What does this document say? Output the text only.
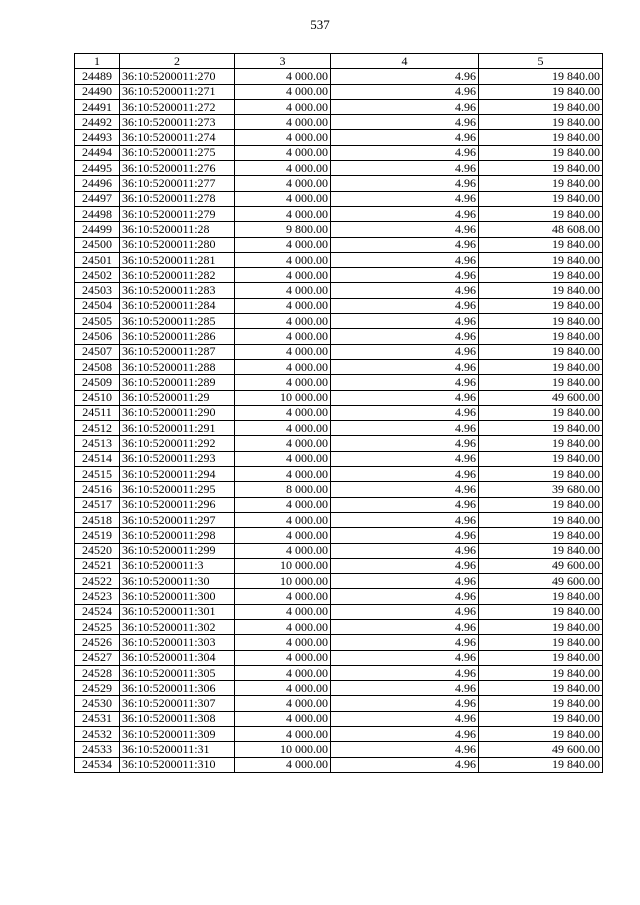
537
1	2	3	4	5
24489	36:10:5200011:270	4 000.00	4.96	19 840.00
24490	36:10:5200011:271	4 000.00	4.96	19 840.00
24491	36:10:5200011:272	4 000.00	4.96	19 840.00
24492	36:10:5200011:273	4 000.00	4.96	19 840.00
24493	36:10:5200011:274	4 000.00	4.96	19 840.00
24494	36:10:5200011:275	4 000.00	4.96	19 840.00
24495	36:10:5200011:276	4 000.00	4.96	19 840.00
24496	36:10:5200011:277	4 000.00	4.96	19 840.00
24497	36:10:5200011:278	4 000.00	4.96	19 840.00
24498	36:10:5200011:279	4 000.00	4.96	19 840.00
24499	36:10:5200011:28	9 800.00	4.96	48 608.00
24500	36:10:5200011:280	4 000.00	4.96	19 840.00
24501	36:10:5200011:281	4 000.00	4.96	19 840.00
24502	36:10:5200011:282	4 000.00	4.96	19 840.00
24503	36:10:5200011:283	4 000.00	4.96	19 840.00
24504	36:10:5200011:284	4 000.00	4.96	19 840.00
24505	36:10:5200011:285	4 000.00	4.96	19 840.00
24506	36:10:5200011:286	4 000.00	4.96	19 840.00
24507	36:10:5200011:287	4 000.00	4.96	19 840.00
24508	36:10:5200011:288	4 000.00	4.96	19 840.00
24509	36:10:5200011:289	4 000.00	4.96	19 840.00
24510	36:10:5200011:29	10 000.00	4.96	49 600.00
24511	36:10:5200011:290	4 000.00	4.96	19 840.00
24512	36:10:5200011:291	4 000.00	4.96	19 840.00
24513	36:10:5200011:292	4 000.00	4.96	19 840.00
24514	36:10:5200011:293	4 000.00	4.96	19 840.00
24515	36:10:5200011:294	4 000.00	4.96	19 840.00
24516	36:10:5200011:295	8 000.00	4.96	39 680.00
24517	36:10:5200011:296	4 000.00	4.96	19 840.00
24518	36:10:5200011:297	4 000.00	4.96	19 840.00
24519	36:10:5200011:298	4 000.00	4.96	19 840.00
24520	36:10:5200011:299	4 000.00	4.96	19 840.00
24521	36:10:5200011:3	10 000.00	4.96	49 600.00
24522	36:10:5200011:30	10 000.00	4.96	49 600.00
24523	36:10:5200011:300	4 000.00	4.96	19 840.00
24524	36:10:5200011:301	4 000.00	4.96	19 840.00
24525	36:10:5200011:302	4 000.00	4.96	19 840.00
24526	36:10:5200011:303	4 000.00	4.96	19 840.00
24527	36:10:5200011:304	4 000.00	4.96	19 840.00
24528	36:10:5200011:305	4 000.00	4.96	19 840.00
24529	36:10:5200011:306	4 000.00	4.96	19 840.00
24530	36:10:5200011:307	4 000.00	4.96	19 840.00
24531	36:10:5200011:308	4 000.00	4.96	19 840.00
24532	36:10:5200011:309	4 000.00	4.96	19 840.00
24533	36:10:5200011:31	10 000.00	4.96	49 600.00
24534	36:10:5200011:310	4 000.00	4.96	19 840.00
